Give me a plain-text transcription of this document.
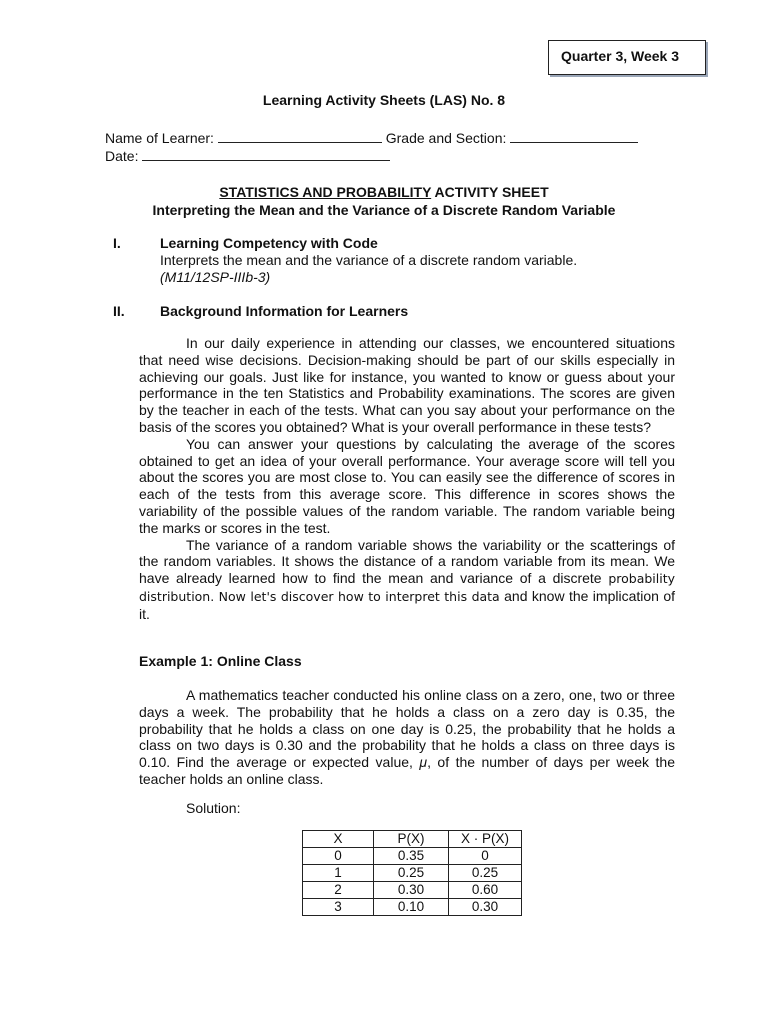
Quarter 3, Week 3
Learning Activity Sheets (LAS) No. 8
Name of Learner:	Grade and Section:
Date:
STATISTICS AND PROBABILITY ACTIVITY SHEET
Interpreting the Mean and the Variance of a Discrete Random Variable
I.	Learning Competency with Code
Interprets the mean and the variance of a discrete random variable.
(M11/12SP-IIIb-3)
II.	Background Information for Learners

In our daily experience in attending our classes, we encountered situations that need wise decisions. Decision-making should be part of our skills especially in achieving our goals. Just like for instance, you wanted to know or guess about your performance in the ten Statistics and Probability examinations. The scores are given by the teacher in each of the tests. What can you say about your performance on the basis of the scores you obtained? What is your overall performance in these tests?

You can answer your questions by calculating the average of the scores obtained to get an idea of your overall performance. Your average score will tell you about the scores you are most close to. You can easily see the difference of scores in each of the tests from this average score. This difference in scores shows the variability of the possible values of the random variable. The random variable being the marks or scores in the test.

The variance of a random variable shows the variability or the scatterings of the random variables. It shows the distance of a random variable from its mean. We have already learned how to find the mean and variance of a discrete probability distribution. Now let's discover how to interpret this data and know the implication of it.

Example 1: Online Class

A mathematics teacher conducted his online class on a zero, one, two or three days a week. The probability that he holds a class on a zero day is 0.35, the probability that he holds a class on one day is 0.25, the probability that he holds a class on two days is 0.30 and the probability that he holds a class on three days is 0.10. Find the average or expected value, μ, of the number of days per week the teacher holds an online class.

Solution:
X	P(X)	X · P(X)
0	0.35	0
1	0.25	0.25
2	0.30	0.60
3	0.10	0.30
